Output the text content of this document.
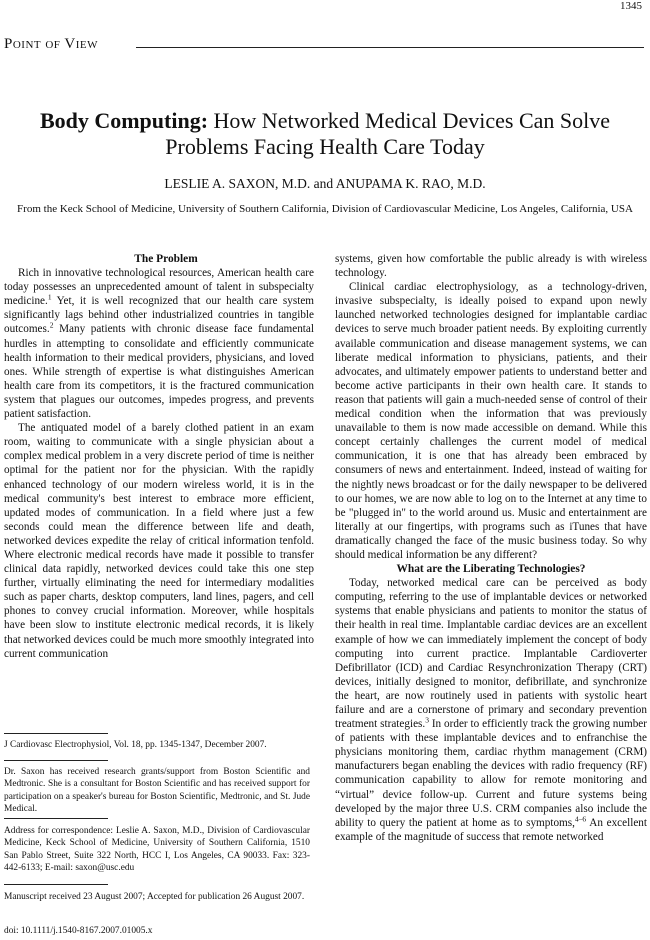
1345
Point of View
Body Computing: How Networked Medical Devices Can Solve Problems Facing Health Care Today
LESLIE A. SAXON, M.D. and ANUPAMA K. RAO, M.D.
From the Keck School of Medicine, University of Southern California, Division of Cardiovascular Medicine, Los Angeles, California, USA

The Problem

Rich in innovative technological resources, American health care today possesses an unprecedented amount of talent in subspecialty medicine.$^1$ Yet, it is well recognized that our health care system significantly lags behind other industrialized countries in tangible outcomes.$^2$ Many patients with chronic disease face fundamental hurdles in attempting to consolidate and efficiently communicate health information to their medical providers, physicians, and loved ones. While strength of expertise is what distinguishes American health care from its competitors, it is the fractured communication system that plagues our outcomes, impedes progress, and prevents patient satisfaction.

The antiquated model of a barely clothed patient in an exam room, waiting to communicate with a single physician about a complex medical problem in a very discrete period of time is neither optimal for the patient nor for the physician. With the rapidly enhanced technology of our modern wireless world, it is in the medical community's best interest to embrace more efficient, updated modes of communication. In a field where just a few seconds could mean the difference between life and death, networked devices expedite the relay of critical information tenfold. Where electronic medical records have made it possible to transfer clinical data rapidly, networked devices could take this one step further, virtually eliminating the need for intermediary modalities such as paper charts, desktop computers, land lines, pagers, and cell phones to convey crucial information. Moreover, while hospitals have been slow to institute electronic medical records, it is likely that networked devices could be much more smoothly integrated into current communication

J Cardiovasc Electrophysiol, Vol. 18, pp. 1345-1347, December 2007.
Dr. Saxon has received research grants/support from Boston Scientific and Medtronic. She is a consultant for Boston Scientific and has received support for participation on a speaker's bureau for Boston Scientific, Medtronic, and St. Jude Medical.
Address for correspondence: Leslie A. Saxon, M.D., Division of Cardiovascular Medicine, Keck School of Medicine, University of Southern California, 1510 San Pablo Street, Suite 322 North, HCC I, Los Angeles, CA 90033. Fax: 323-442-6133; E-mail: saxon@usc.edu
Manuscript received 23 August 2007; Accepted for publication 26 August 2007.
doi: 10.1111/j.1540-8167.2007.01005.x

systems, given how comfortable the public already is with wireless technology.

Clinical cardiac electrophysiology, as a technology-driven, invasive subspecialty, is ideally poised to expand upon newly launched networked technologies designed for implantable cardiac devices to serve much broader patient needs. By exploiting currently available communication and disease management systems, we can liberate medical information to physicians, patients, and their advocates, and ultimately empower patients to understand better and become active participants in their own health care. It stands to reason that patients will gain a much-needed sense of control of their medical condition when the information that was previously unavailable to them is now made accessible on demand. While this concept certainly challenges the current model of medical communication, it is one that has already been embraced by consumers of news and entertainment. Indeed, instead of waiting for the nightly news broadcast or for the daily newspaper to be delivered to our homes, we are now able to log on to the Internet at any time to be "plugged in" to the world around us. Music and entertainment are literally at our fingertips, with programs such as iTunes that have dramatically changed the face of the music business today. So why should medical information be any different?

What are the Liberating Technologies?

Today, networked medical care can be perceived as body computing, referring to the use of implantable devices or networked systems that enable physicians and patients to monitor the status of their health in real time. Implantable cardiac devices are an excellent example of how we can immediately implement the concept of body computing into current practice. Implantable Cardioverter Defibrillator (ICD) and Cardiac Resynchronization Therapy (CRT) devices, initially designed to monitor, defibrillate, and synchronize the heart, are now routinely used in patients with systolic heart failure and are a cornerstone of primary and secondary prevention treatment strategies.$^3$ In order to efficiently track the growing number of patients with these implantable devices and to enfranchise the physicians monitoring them, cardiac rhythm management (CRM) manufacturers began enabling the devices with radio frequency (RF) communication capability to allow for remote monitoring and “virtual” device follow-up. Current and future systems being developed by the major three U.S. CRM companies also include the ability to query the patient at home as to symptoms,$^{4-6}$ An excellent example of the magnitude of success that remote networked
